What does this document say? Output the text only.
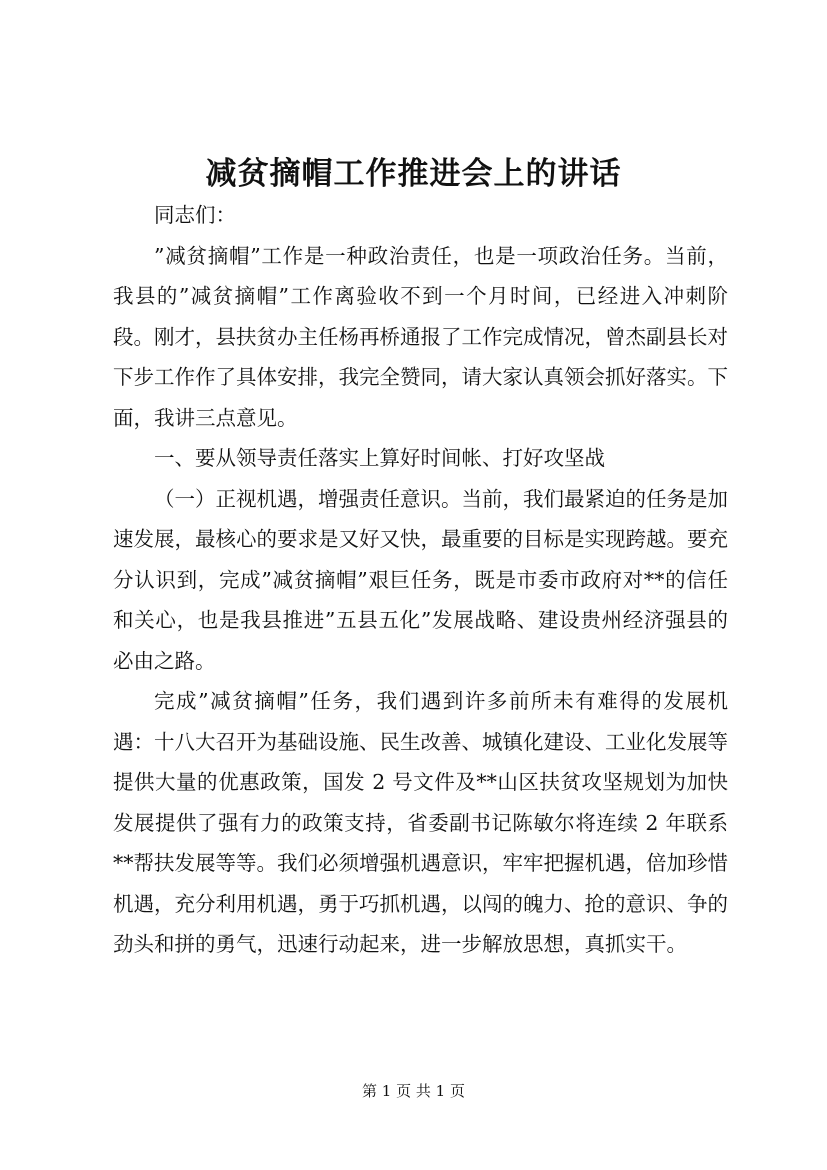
减贫摘帽工作推进会上的讲话

同志们：

”减贫摘帽”工作是一种政治责任，也是一项政治任务。当前，我县的”减贫摘帽”工作离验收不到一个月时间，已经进入冲刺阶段。刚才，县扶贫办主任杨再桥通报了工作完成情况，曾杰副县长对下步工作作了具体安排，我完全赞同，请大家认真领会抓好落实。下面，我讲三点意见。

一、要从领导责任落实上算好时间帐、打好攻坚战

（一）正视机遇，增强责任意识。当前，我们最紧迫的任务是加速发展，最核心的要求是又好又快，最重要的目标是实现跨越。要充分认识到，完成”减贫摘帽”艰巨任务，既是市委市政府对**的信任和关心，也是我县推进”五县五化”发展战略、建设贵州经济强县的必由之路。

完成”减贫摘帽”任务，我们遇到许多前所未有难得的发展机遇：十八大召开为基础设施、民生改善、城镇化建设、工业化发展等提供大量的优惠政策，国发 2 号文件及**山区扶贫攻坚规划为加快发展提供了强有力的政策支持，省委副书记陈敏尔将连续 2 年联系**帮扶发展等等。我们必须增强机遇意识，牢牢把握机遇，倍加珍惜机遇，充分利用机遇，勇于巧抓机遇，以闯的魄力、抢的意识、争的劲头和拼的勇气，迅速行动起来，进一步解放思想，真抓实干。

第 1 页 共 1 页
